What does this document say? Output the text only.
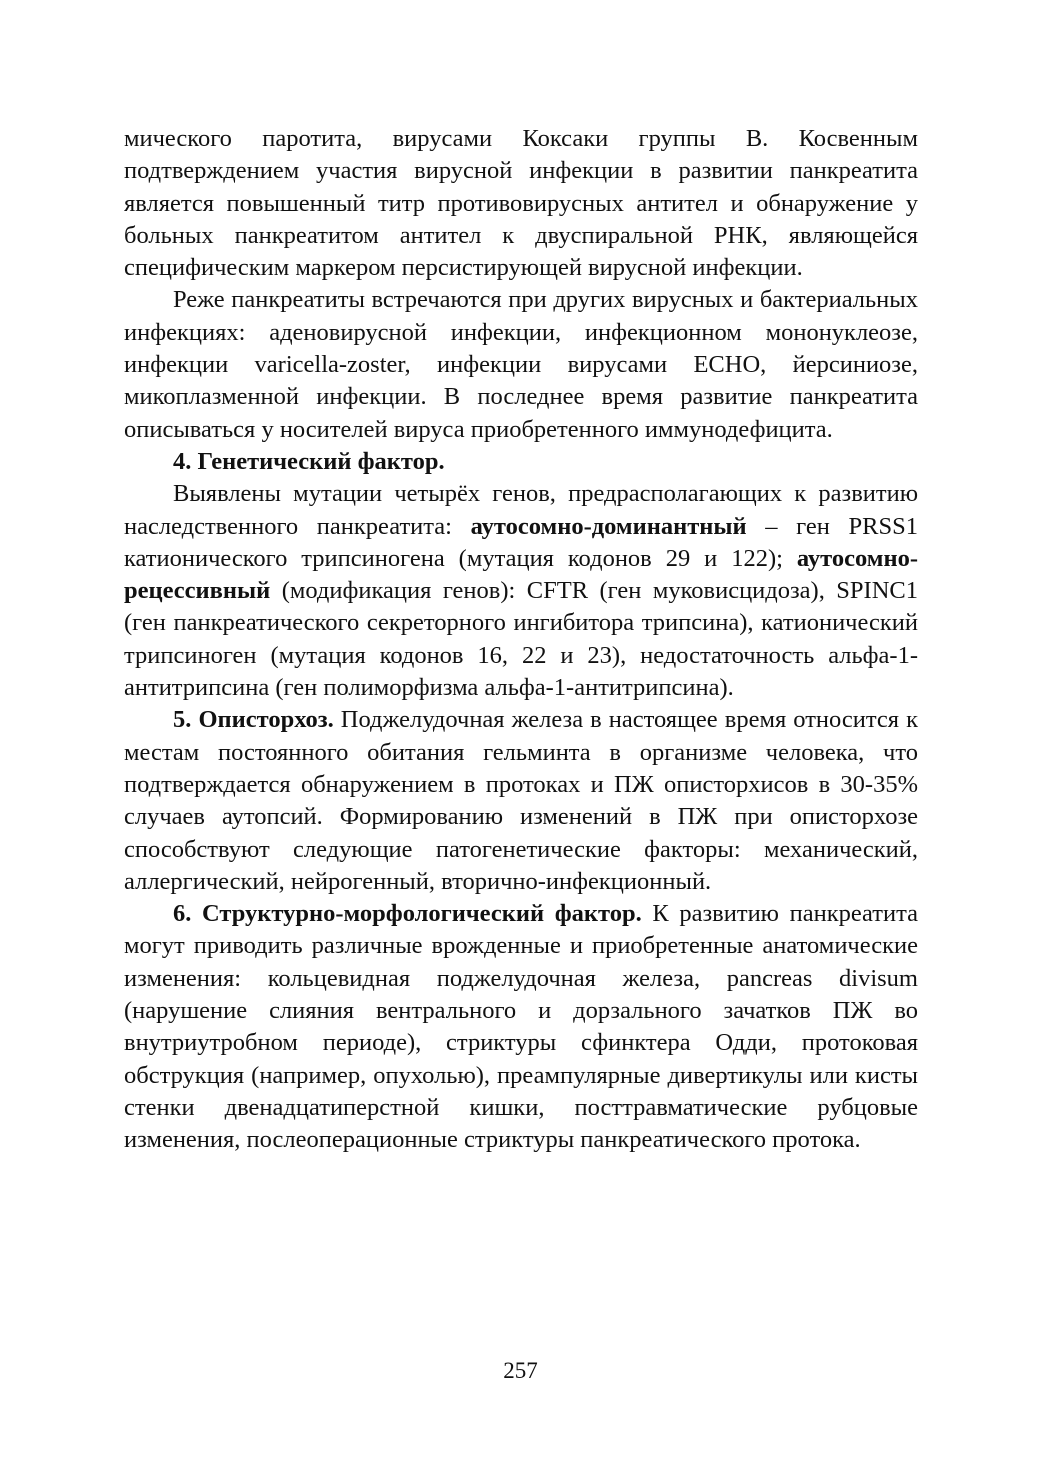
мического паротита, вирусами Коксаки группы В. Косвенным подтверждением участия вирусной инфекции в развитии панкреатита является повышенный титр противовирусных антител и обнаружение у больных панкреатитом антител к двуспиральной РНК, являющейся специфическим маркером персистирующей вирусной инфекции.

Реже панкреатиты встречаются при других вирусных и бактериальных инфекциях: аденовирусной инфекции, инфекционном мононуклеозе, инфекции varicella-zoster, инфекции вирусами ЕСНО, йерсиниозе, микоплазменной инфекции. В последнее время развитие панкреатита описываться у носителей вируса приобретенного иммунодефицита.

4. Генетический фактор.

Выявлены мутации четырёх генов, предрасполагающих к развитию наследственного панкреатита: аутосомно-доминантный – ген PRSS1 катионического трипсиногена (мутация кодонов 29 и 122); аутосомно-рецессивный (модификация генов): CFTR (ген муковисцидоза), SPINC1 (ген панкреатического секреторного ингибитора трипсина), катионический трипсиноген (мутация кодонов 16, 22 и 23), недостаточность альфа-1-антитрипсина (ген полиморфизма альфа-1-антитрипсина).

5. Описторхоз. Поджелудочная железа в настоящее время относится к местам постоянного обитания гельминта в организме человека, что подтверждается обнаружением в протоках и ПЖ описторхисов в 30-35% случаев аутопсий. Формированию изменений в ПЖ при описторхозе способствуют следующие патогенетические факторы: механический, аллергический, нейрогенный, вторично-инфекционный.

6. Структурно-морфологический фактор. К развитию панкреатита могут приводить различные врожденные и приобретенные анатомические изменения: кольцевидная поджелудочная железа, pancreas divisum (нарушение слияния вентрального и дорзального зачатков ПЖ во внутриутробном периоде), стриктуры сфинктера Одди, протоковая обструкция (например, опухолью), преампулярные дивертикулы или кисты стенки двенадцатиперстной кишки, посттравматические рубцовые изменения, послеоперационные стриктуры панкреатического протока.

257
